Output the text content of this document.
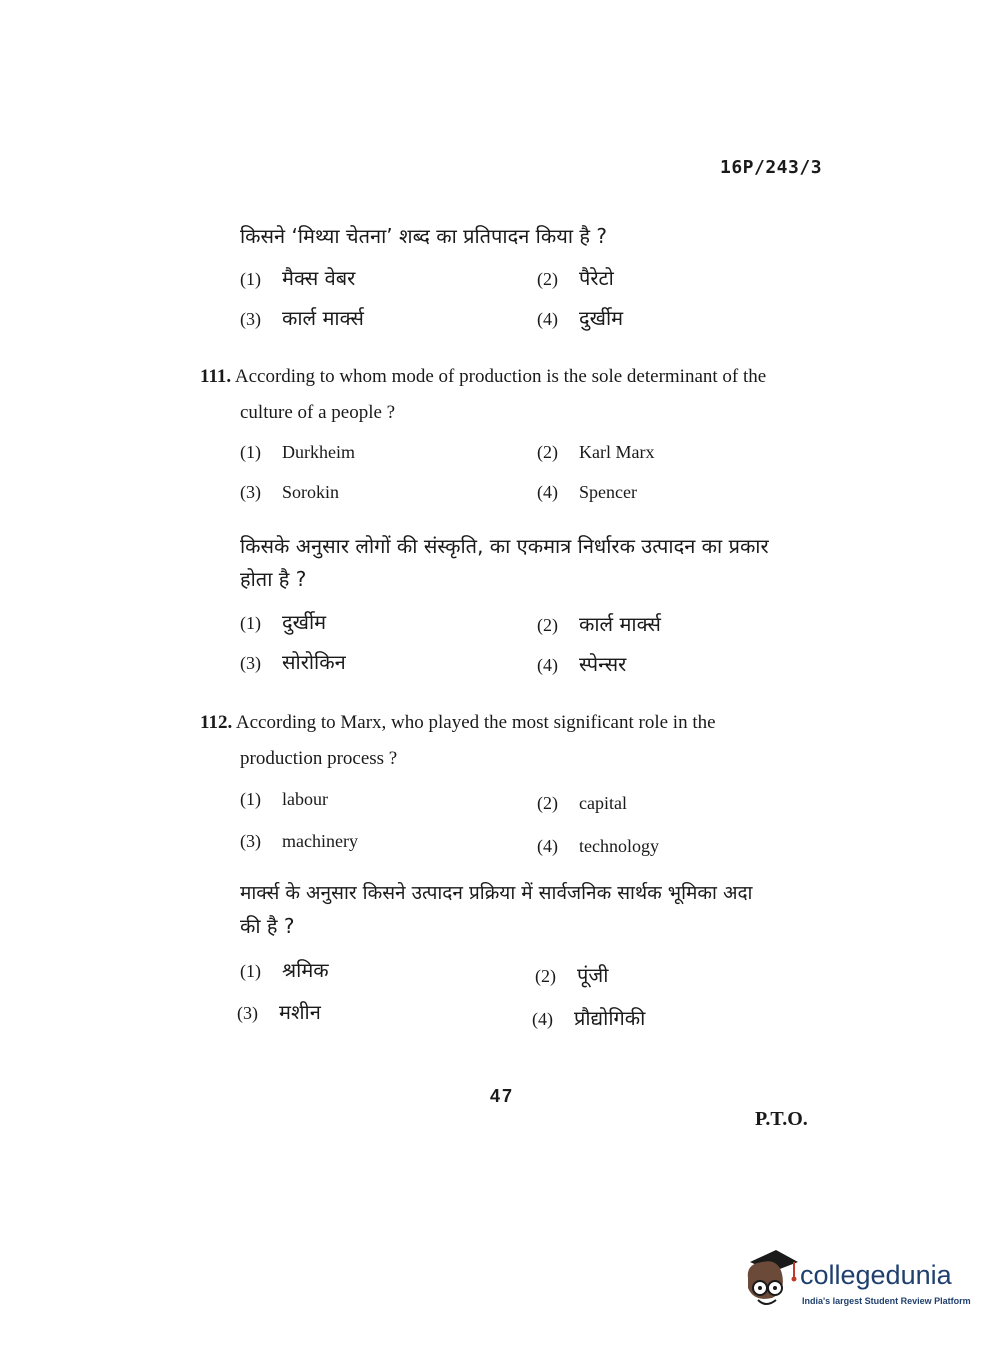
16P/243/3
किसने ‘मिथ्या चेतना’ शब्द का प्रतिपादन किया है ?
(1) मैक्स वेबर	(2) पैरेटो
(3) कार्ल मार्क्स	(4) दुर्खीम
111. According to whom mode of production is the sole determinant of the
culture of a people ?
(1) Durkheim	(2) Karl Marx
(3) Sorokin	(4) Spencer
किसके अनुसार लोगों की संस्कृति, का एकमात्र निर्धारक उत्पादन का प्रकार
होता है ?
(1) दुर्खीम	(2) कार्ल मार्क्स
(3) सोरोकिन	(4) स्पेन्सर
112. According to Marx, who played the most significant role in the
production process ?
(1) labour	(2) capital
(3) machinery	(4) technology
मार्क्स के अनुसार किसने उत्पादन प्रक्रिया में सार्वजनिक सार्थक भूमिका अदा
की है ?
(1) श्रमिक	(2) पूंजी
(3) मशीन	(4) प्रौद्योगिकी
47
P.T.O.
collegedunia
India's largest Student Review Platform
